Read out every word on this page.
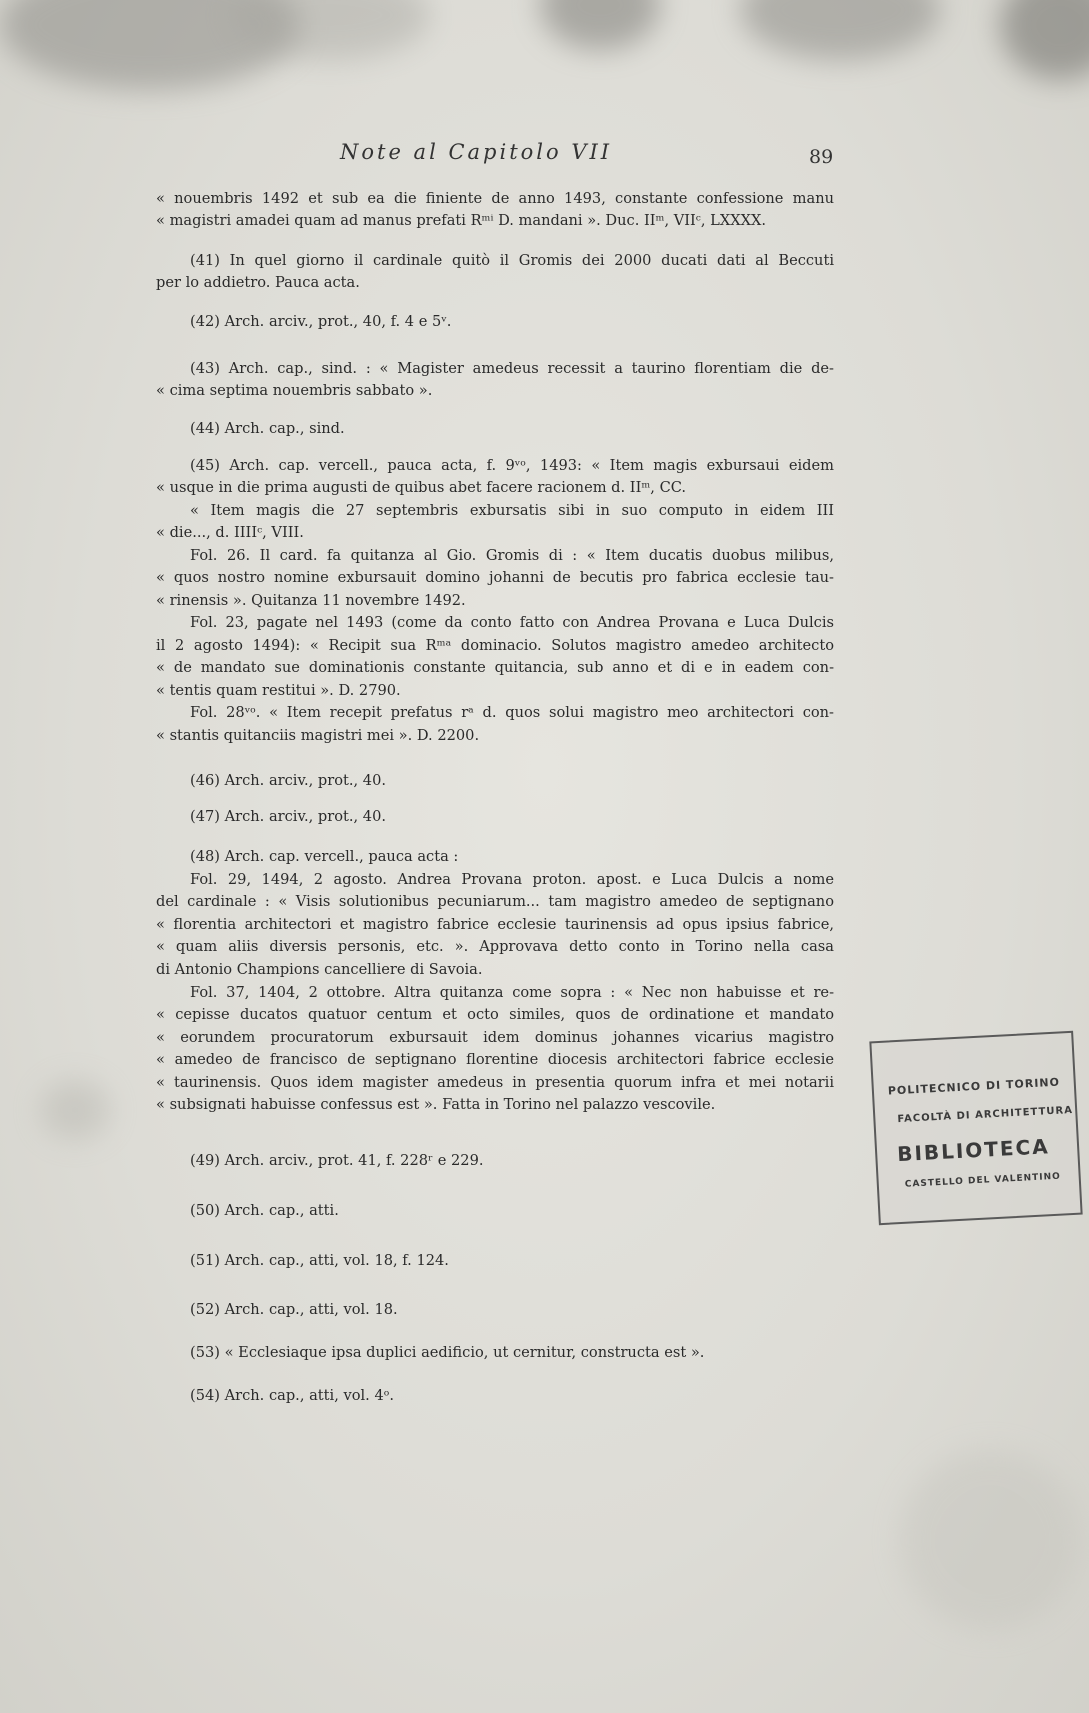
Note al Capitolo VII	89
« nouembris 1492 et sub ea die finiente de anno 1493, constante confessione manu
« magistri amadei quam ad manus prefati Rᵐⁱ D. mandani ». Duc. IIᵐ, VIIᶜ, LXXXX.
(41) In quel giorno il cardinale quitò il Gromis dei 2000 ducati dati al Beccuti
per lo addietro. Pauca acta.
(42) Arch. arciv., prot., 40, f. 4 e 5ᵛ.
(43) Arch. cap., sind. : « Magister amedeus recessit a taurino florentiam die de-
« cima septima nouembris sabbato ».
(44) Arch. cap., sind.
(45) Arch. cap. vercell., pauca acta, f. 9ᵛᵒ, 1493: « Item magis exbursaui eidem
« usque in die prima augusti de quibus abet facere racionem d. IIᵐ, CC.
« Item magis die 27 septembris exbursatis sibi in suo computo in eidem III
« die..., d. IIIIᶜ, VIII.
Fol. 26. Il card. fa quitanza al Gio. Gromis di : « Item ducatis duobus milibus,
« quos nostro nomine exbursauit domino johanni de becutis pro fabrica ecclesie tau-
« rinensis ». Quitanza 11 novembre 1492.
Fol. 23, pagate nel 1493 (come da conto fatto con Andrea Provana e Luca Dulcis
il 2 agosto 1494): « Recipit sua Rᵐᵃ dominacio. Solutos magistro amedeo architecto
« de mandato sue dominationis constante quitancia, sub anno et di e in eadem con-
« tentis quam restitui ». D. 2790.
Fol. 28ᵛᵒ. « Item recepit prefatus rᵃ d. quos solui magistro meo architectori con-
« stantis quitanciis magistri mei ». D. 2200.
(46) Arch. arciv., prot., 40.
(47) Arch. arciv., prot., 40.
(48) Arch. cap. vercell., pauca acta :
Fol. 29, 1494, 2 agosto. Andrea Provana proton. apost. e Luca Dulcis a nome
del cardinale : « Visis solutionibus pecuniarum... tam magistro amedeo de septignano
« florentia architectori et magistro fabrice ecclesie taurinensis ad opus ipsius fabrice,
« quam aliis diversis personis, etc. ». Approvava detto conto in Torino nella casa
di Antonio Champions cancelliere di Savoia.
Fol. 37, 1404, 2 ottobre. Altra quitanza come sopra : « Nec non habuisse et re-
« cepisse ducatos quatuor centum et octo similes, quos de ordinatione et mandato
« eorundem procuratorum exbursauit idem dominus johannes vicarius magistro
« amedeo de francisco de septignano florentine diocesis architectori fabrice ecclesie
« taurinensis. Quos idem magister amedeus in presentia quorum infra et mei notarii
« subsignati habuisse confessus est ». Fatta in Torino nel palazzo vescovile.
(49) Arch. arciv., prot. 41, f. 228ʳ e 229.
(50) Arch. cap., atti.
(51) Arch. cap., atti, vol. 18, f. 124.
(52) Arch. cap., atti, vol. 18.
(53) « Ecclesiaque ipsa duplici aedificio, ut cernitur, constructa est ».
(54) Arch. cap., atti, vol. 4ᵒ.
POLITECNICO DI TORINO
FACOLTÀ DI ARCHITETTURA
BIBLIOTECA
CASTELLO DEL VALENTINO
